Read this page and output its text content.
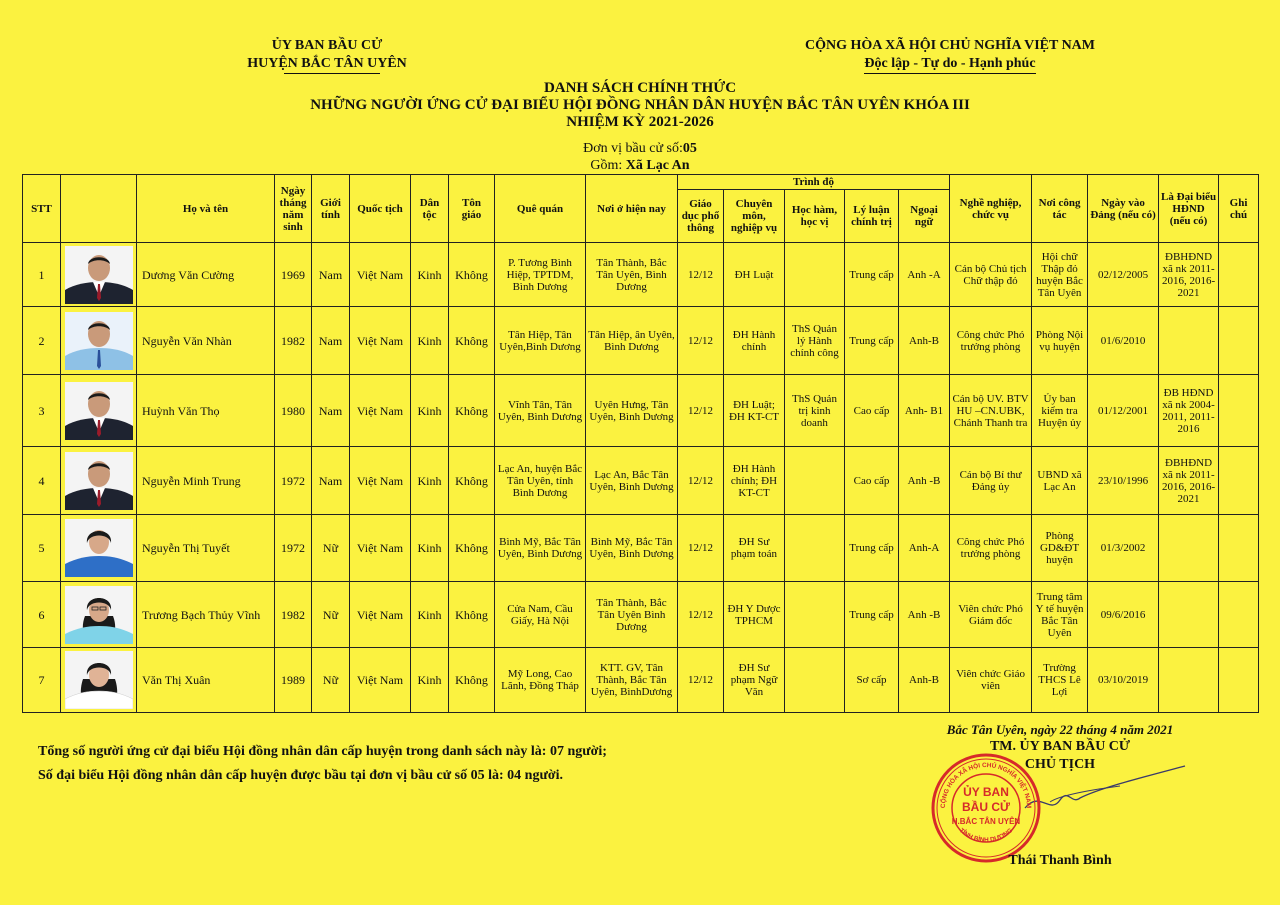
ỦY BAN BẦU CỬ
HUYỆN BẮC TÂN UYÊN
CỘNG HÒA XÃ HỘI CHỦ NGHĨA VIỆT NAM
Độc lập - Tự do - Hạnh phúc
DANH SÁCH CHÍNH THỨC
NHỮNG NGƯỜI ỨNG CỬ ĐẠI BIỂU HỘI ĐỒNG NHÂN DÂN HUYỆN BẮC TÂN UYÊN KHÓA III
NHIỆM KỲ 2021-2026
Đơn vị bầu cử số:05
Gồm: Xã Lạc An
STT		Họ và tên	Ngày tháng năm sinh	Giới tính	Quốc tịch	Dân tộc	Tôn giáo	Quê quán	Nơi ở hiện nay	Trình độ					Nghề nghiệp, chức vụ	Nơi công tác	Ngày vào Đảng (nếu có)	Là Đại biểu HĐND (nếu có)	Ghi chú
										Giáo dục phổ thông	Chuyên môn, nghiệp vụ	Học hàm, học vị	Lý luận chính trị	Ngoại ngữ					
1		Dương Văn Cường	1969	Nam	Việt Nam	Kinh	Không	P. Tương Bình Hiệp, TPTDM, Bình Dương	Tân Thành, Bắc Tân Uyên, Bình Dương	12/12	ĐH Luật		Trung cấp	Anh -A	Cán bộ Chủ tịch Chữ thập đỏ	Hội chữ Thập đỏ huyện Bắc Tân Uyên	02/12/2005	ĐBHĐND xã nk 2011-2016, 2016-2021	
2		Nguyễn Văn Nhàn	1982	Nam	Việt Nam	Kinh	Không	Tân Hiệp, Tân Uyên,Bình Dương	Tân Hiệp, ân Uyên, Bình Dương	12/12	ĐH Hành chính	ThS Quản lý Hành chính công	Trung cấp	Anh-B	Công chức Phó trưởng phòng	Phòng Nội vụ huyện	01/6/2010		
3		Huỳnh Văn Thọ	1980	Nam	Việt Nam	Kinh	Không	Vĩnh Tân, Tân Uyên, Bình Dương	Uyên Hưng, Tân Uyên, Bình Dương	12/12	ĐH Luật; ĐH KT-CT	ThS Quản trị kinh doanh	Cao cấp	Anh- B1	Cán bộ UV. BTV HU –CN.UBK, Chánh Thanh tra	Ủy ban kiểm tra Huyện ủy	01/12/2001	ĐB HĐND xã nk 2004-2011, 2011-2016	
4		Nguyễn Minh Trung	1972	Nam	Việt Nam	Kinh	Không	Lạc An, huyện Bắc Tân Uyên, tỉnh Bình Dương	Lạc An, Bắc Tân Uyên, Bình Dương	12/12	ĐH Hành chính; ĐH KT-CT		Cao cấp	Anh -B	Cán bộ Bí thư Đảng ủy	UBND xã Lạc An	23/10/1996	ĐBHĐND xã nk 2011-2016, 2016-2021	
5		Nguyễn Thị Tuyết	1972	Nữ	Việt Nam	Kinh	Không	Bình Mỹ, Bắc Tân Uyên, Bình Dương	Bình Mỹ, Bắc Tân Uyên, Bình Dương	12/12	ĐH Sư phạm toán		Trung cấp	Anh-A	Công chức Phó trưởng phòng	Phòng GD&ĐT huyện	01/3/2002		
6		Trương Bạch Thủy Vĩnh	1982	Nữ	Việt Nam	Kinh	Không	Cửa Nam, Cầu Giấy, Hà Nội	Tân Thành, Bắc Tân Uyên Bình Dương	12/12	ĐH Y Dược TPHCM		Trung cấp	Anh -B	Viên chức Phó Giám đốc	Trung tâm Y tế huyện Bắc Tân Uyên	09/6/2016		
7		Văn Thị Xuân	1989	Nữ	Việt Nam	Kinh	Không	Mỹ Long, Cao Lãnh, Đồng Tháp	KTT. GV, Tân Thành, Bắc Tân Uyên, BìnhDương	12/12	ĐH Sư phạm Ngữ Văn		Sơ cấp	Anh-B	Viên chức Giáo viên	Trường THCS Lê Lợi	03/10/2019		
Tổng số người ứng cử đại biểu Hội đồng nhân dân cấp huyện trong danh sách này là: 07 người;
Số đại biểu Hội đồng nhân dân cấp huyện được bầu tại đơn vị bầu cử số 05 là: 04 người.
Bắc Tân Uyên, ngày 22 tháng 4 năm 2021
TM. ỦY BAN BẦU CỬ
CHỦ TỊCH
ỦY BAN
BẦU CỬ
H.BẮC TÂN UYÊN
CỘNG HÒA XÃ HỘI CHỦ NGHĨA VIỆT NAM
TỈNH BÌNH DƯƠNG
Thái Thanh Bình
